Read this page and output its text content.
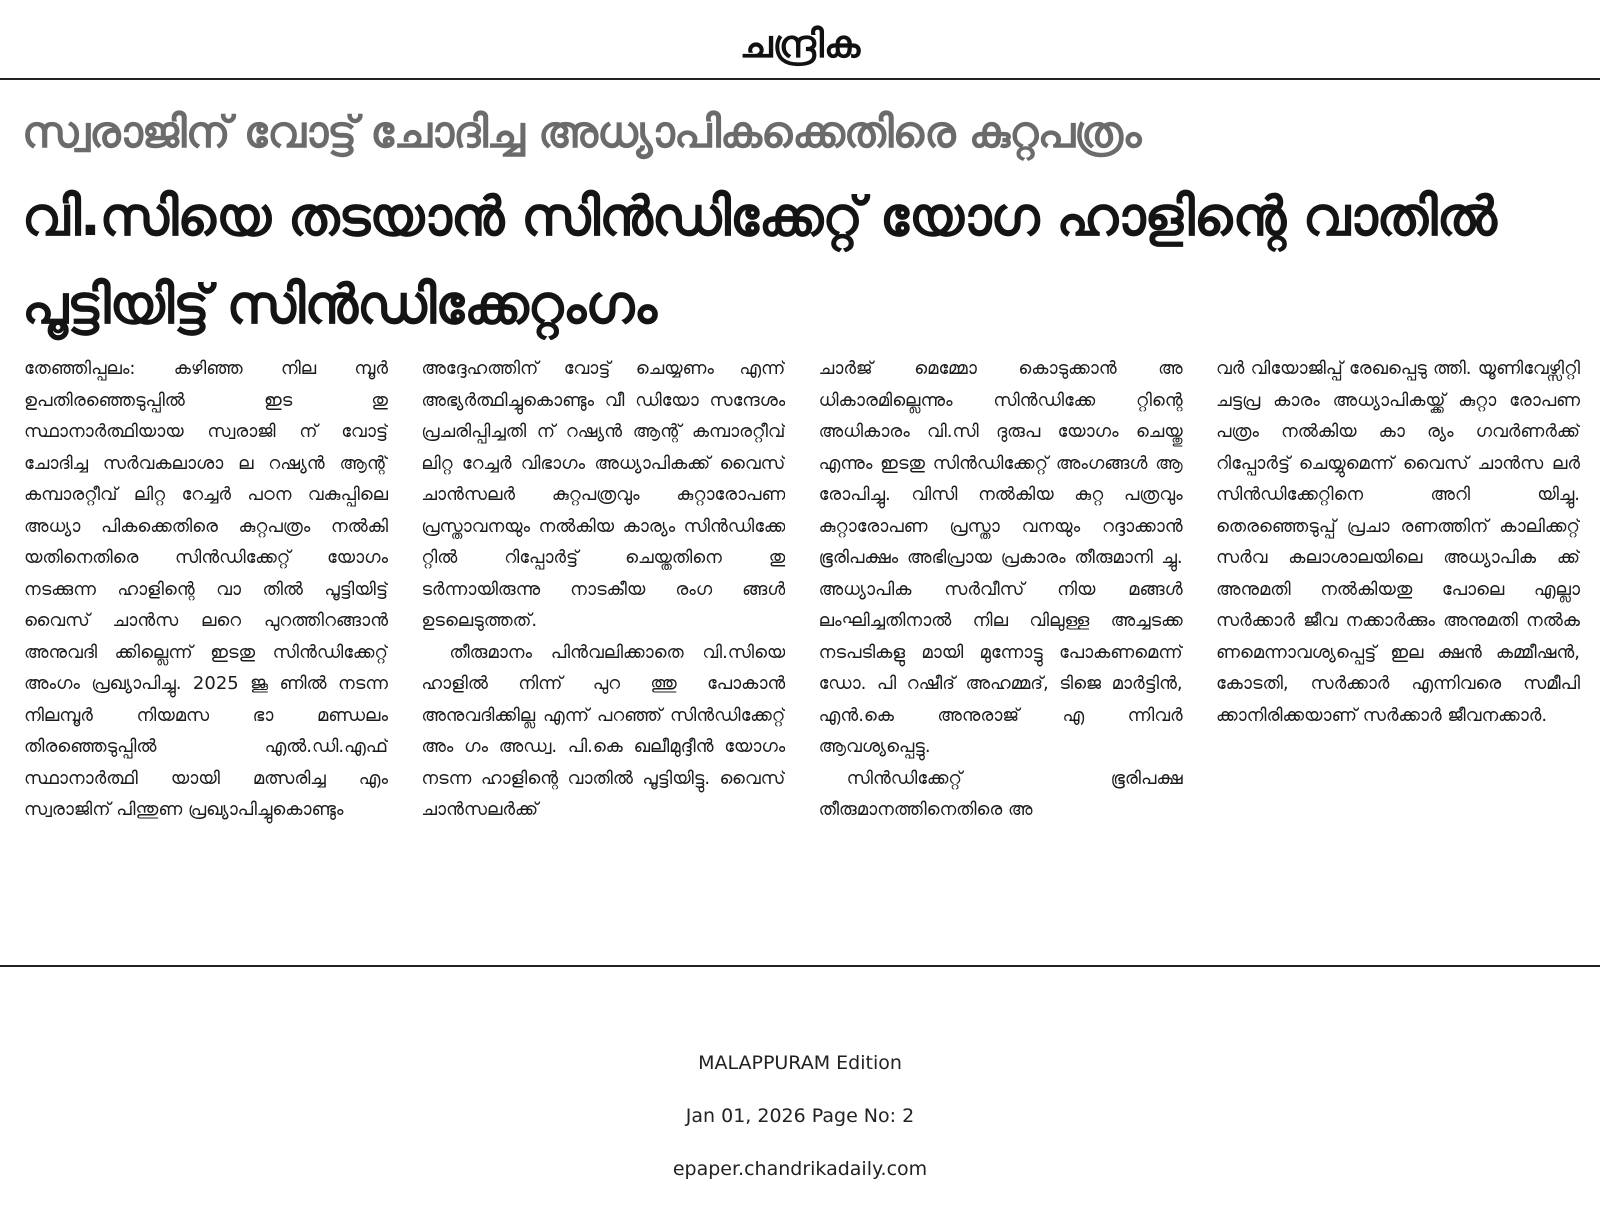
ചന്ദ്രിക
സ്വരാജിന് വോട്ട് ചോദിച്ച അധ്യാപികക്കെതിരെ കുറ്റപത്രം
വി.സിയെ തടയാൻ സിൻഡിക്കേറ്റ് യോഗ ഹാളിന്റെ വാതിൽ പൂട്ടിയിട്ട് സിൻഡിക്കേറ്റംഗം

തേഞ്ഞിപ്പലം: കഴിഞ്ഞ നില മ്പൂർ ഉപതിരഞ്ഞെടുപ്പിൽ ഇട തു സ്ഥാനാർത്ഥിയായ സ്വരാജി ന് വോട്ട് ചോദിച്ച സർവകലാശാ ല റഷ്യൻ ആന്റ് കമ്പാരറ്റീവ് ലിറ്റ റേച്ചർ പഠന വകുപ്പിലെ അധ്യാ പികക്കെതിരെ കുറ്റപത്രം നൽകി യതിനെതിരെ സിൻഡിക്കേറ്റ് യോഗം നടക്കുന്ന ഹാളിന്റെ വാ തിൽ പൂട്ടിയിട്ട് വൈസ് ചാൻസ ലറെ പുറത്തിറങ്ങാൻ അനുവദി ക്കില്ലെന്ന് ഇടതു സിൻഡിക്കേറ്റ് അംഗം പ്രഖ്യാപിച്ചു. 2025 ജൂ ണിൽ നടന്ന നിലമ്പൂർ നിയമസ ഭാ മണ്ഡലം തിരഞ്ഞെടുപ്പിൽ എൽ.ഡി.എഫ് സ്ഥാനാർത്ഥി യായി മത്സരിച്ച എം സ്വരാജിന് പിന്തുണ പ്രഖ്യാപിച്ചുകൊണ്ടും

അദ്ദേഹത്തിന് വോട്ട് ചെയ്യണം എന്ന് അഭ്യർത്ഥിച്ചുകൊണ്ടും വീ ഡിയോ സന്ദേശം പ്രചരിപ്പിച്ചതി ന് റഷ്യൻ ആന്റ് കമ്പാരറ്റീവ് ലിറ്റ റേച്ചർ വിഭാഗം അധ്യാപികക്ക് വൈസ് ചാൻസലർ കുറ്റപത്രവും കുറ്റാരോപണ പ്രസ്താവനയും നൽകിയ കാര്യം സിൻഡിക്കേ റ്റിൽ റിപ്പോർട്ട് ചെയ്തതിനെ തു ടർന്നായിരുന്നു നാടകീയ രംഗ ങ്ങൾ ഉടലെടുത്തത്.

തീരുമാനം പിൻവലിക്കാതെ വി.സിയെ ഹാളിൽ നിന്ന് പുറ ത്തു പോകാൻ അനുവദിക്കില്ല എന്ന് പറഞ്ഞ് സിൻഡിക്കേറ്റ് അം ഗം അഡ്വ. പി.കെ ഖലീമുദ്ദീൻ യോഗം നടന്ന ഹാളിന്റെ വാതിൽ പൂട്ടിയിട്ടു. വൈസ് ചാൻസലർക്ക്

ചാർജ് മെമ്മോ കൊടുക്കാൻ അ ധികാരമില്ലെന്നും സിൻഡിക്കേ റ്റിന്റെ അധികാരം വി.സി ദുരുപ യോഗം ചെയ്തു എന്നും ഇടതു സിൻഡിക്കേറ്റ് അംഗങ്ങൾ ആ രോപിച്ചു. വിസി നൽകിയ കുറ്റ പത്രവും കുറ്റാരോപണ പ്രസ്താ വനയും റദ്ദാക്കാൻ ഭൂരിപക്ഷം അഭിപ്രായ പ്രകാരം തീരുമാനി ച്ചു. അധ്യാപിക സർവീസ് നിയ മങ്ങൾ ലംഘിച്ചതിനാൽ നില വിലുള്ള അച്ചടക്ക നടപടികളു മായി മുന്നോട്ടു പോകണമെന്ന് ഡോ. പി റഷീദ് അഹമ്മദ്, ടിജെ മാർട്ടിൻ, എൻ.കെ അനുരാജ് എ ന്നിവർ ആവശ്യപ്പെട്ടു.

സിൻഡിക്കേറ്റ് ഭൂരിപക്ഷ തീരുമാനത്തിനെതിരെ അ

വർ വിയോജിപ്പ് രേഖപ്പെടു ത്തി. യൂണിവേഴ്സിറ്റി ചട്ടപ്ര കാരം അധ്യാപികയ്ക്ക് കുറ്റാ രോപണ പത്രം നൽകിയ കാ ര്യം ഗവർണർക്ക് റിപ്പോർട്ട് ചെയ്യുമെന്ന് വൈസ് ചാൻസ ലർ സിൻഡിക്കേറ്റിനെ അറി യിച്ചു. തെരഞ്ഞെടുപ്പ് പ്രചാ രണത്തിന് കാലിക്കറ്റ് സർവ കലാശാലയിലെ അധ്യാപിക ക്ക് അനുമതി നൽകിയതു പോലെ എല്ലാ സർക്കാർ ജീവ നക്കാർക്കും അനുമതി നൽക ണമെന്നാവശ്യപ്പെട്ട് ഇല ക്ഷൻ കമ്മീഷൻ, കോടതി, സർക്കാർ എന്നിവരെ സമീപി ക്കാനിരിക്കയാണ് സർക്കാർ ജീവനക്കാർ.

MALAPPURAM Edition
Jan 01, 2026 Page No: 2
epaper.chandrikadaily.com
